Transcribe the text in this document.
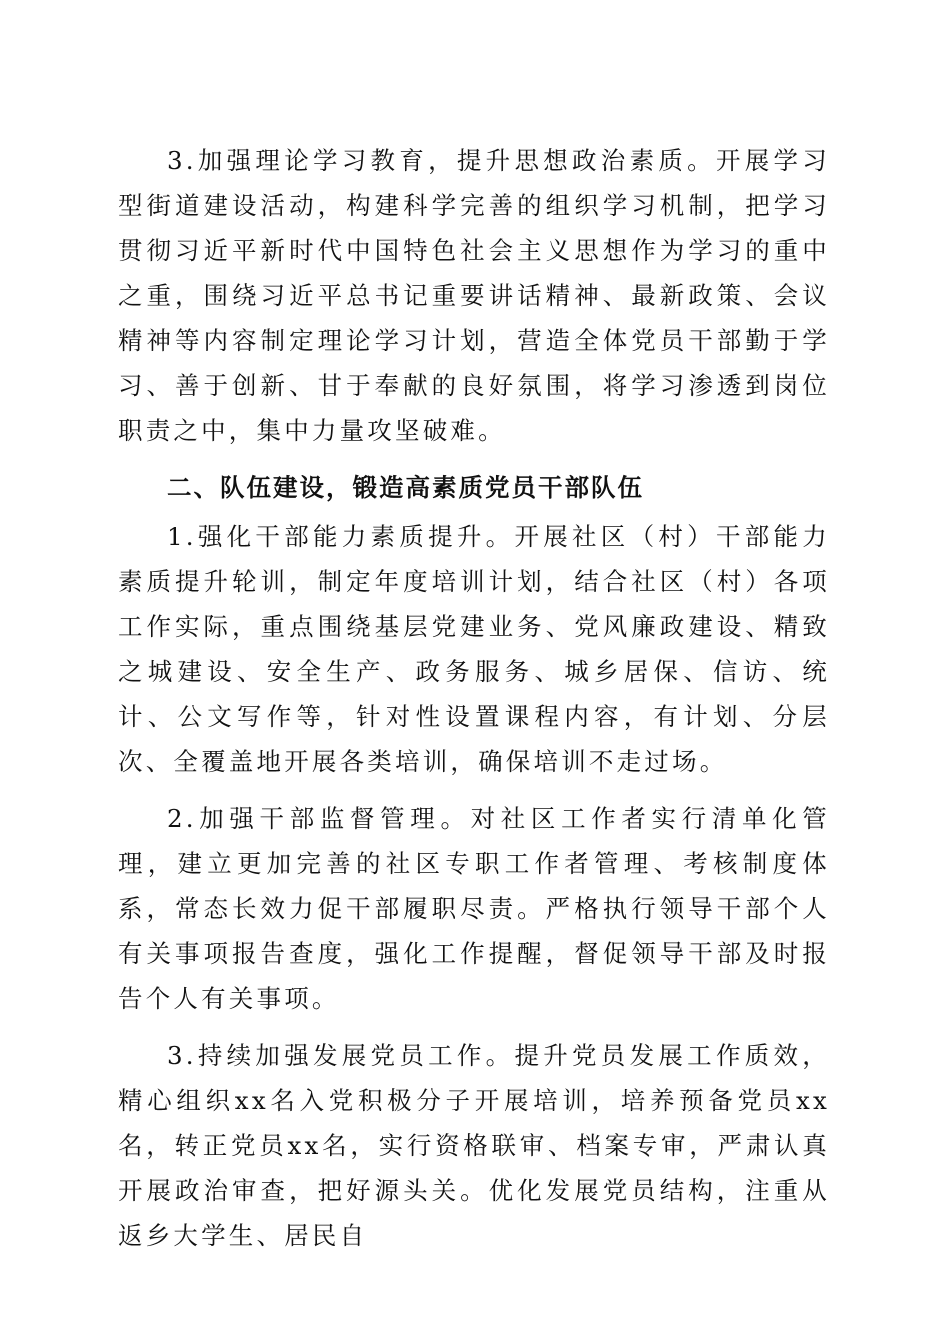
3.加强理论学习教育，提升思想政治素质。开展学习型街道建设活动，构建科学完善的组织学习机制，把学习贯彻习近平新时代中国特色社会主义思想作为学习的重中之重，围绕习近平总书记重要讲话精神、最新政策、会议精神等内容制定理论学习计划，营造全体党员干部勤于学习、善于创新、甘于奉献的良好氛围，将学习渗透到岗位职责之中，集中力量攻坚破难。

二、队伍建设，锻造高素质党员干部队伍

1.强化干部能力素质提升。开展社区（村）干部能力素质提升轮训，制定年度培训计划，结合社区（村）各项工作实际，重点围绕基层党建业务、党风廉政建设、精致之城建设、安全生产、政务服务、城乡居保、信访、统计、公文写作等，针对性设置课程内容，有计划、分层次、全覆盖地开展各类培训，确保培训不走过场。

2.加强干部监督管理。对社区工作者实行清单化管理，建立更加完善的社区专职工作者管理、考核制度体系，常态长效力促干部履职尽责。严格执行领导干部个人有关事项报告查度，强化工作提醒，督促领导干部及时报告个人有关事项。

3.持续加强发展党员工作。提升党员发展工作质效，精心组织xx名入党积极分子开展培训，培养预备党员xx名，转正党员xx名，实行资格联审、档案专审，严肃认真开展政治审查，把好源头关。优化发展党员结构，注重从返乡大学生、居民自
